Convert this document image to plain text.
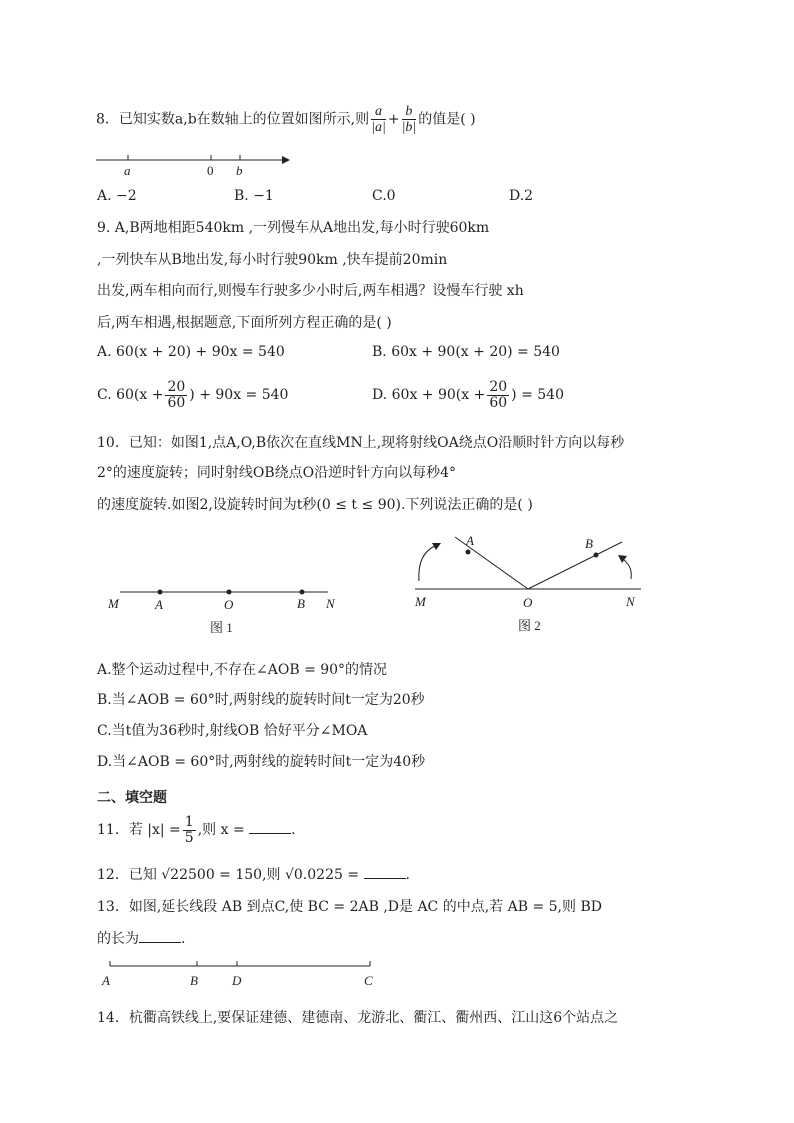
8．已知实数a,b在数轴上的位置如图所示,则 $\frac{a}{|a|} + \frac{b}{|b|}$ 的值是( )
a	0 b
A. −2	B. −1	C.0	D.2
9. A,B两地相距540km ,一列慢车从A地出发,每小时行驶60km
,一列快车从B地出发,每小时行驶90km ,快车提前20min
出发,两车相向而行,则慢车行驶多少小时后,两车相遇？设慢车行驶 xh
后,两车相遇,根据题意,下面所列方程正确的是( )
A. 60(x + 20) + 90x = 540	B. 60x + 90(x + 20) = 540
C. $60(x + \frac{20}{60}$ ) + 90x = 540	D. $60x + 90(x + \frac{20}{60}$ ) = 540
10．已知：如图1,点A,O,B依次在直线MN上,现将射线OA绕点O沿顺时针方向以每秒
2°的速度旋转；同时射线OB绕点O沿逆时针方向以每秒4°
的速度旋转.如图2,设旋转时间为t秒(0 ≤ t ≤ 90).下列说法正确的是( )
M	A	O	B N
图 1
A	B
M	O	N
图 2
A.整个运动过程中,不存在∠AOB = 90°的情况
B.当∠AOB = 60°时,两射线的旋转时间t一定为20秒
C.当t值为36秒时,射线OB 恰好平分∠MOA
D.当∠AOB = 60°时,两射线的旋转时间t一定为40秒
二、填空题
11．若 $|x| = \frac{1}{5}$ ,则 x =	.
12．已知 √22500 = 150,则 √0.0225 =	.
13．如图,延长线段 AB 到点C,使 BC = 2AB ,D是 AC 的中点,若 AB = 5,则 BD
的长为	.
A	B	D	C
14．杭衢高铁线上,要保证建德、建德南、龙游北、衢江、衢州西、江山这6个站点之
